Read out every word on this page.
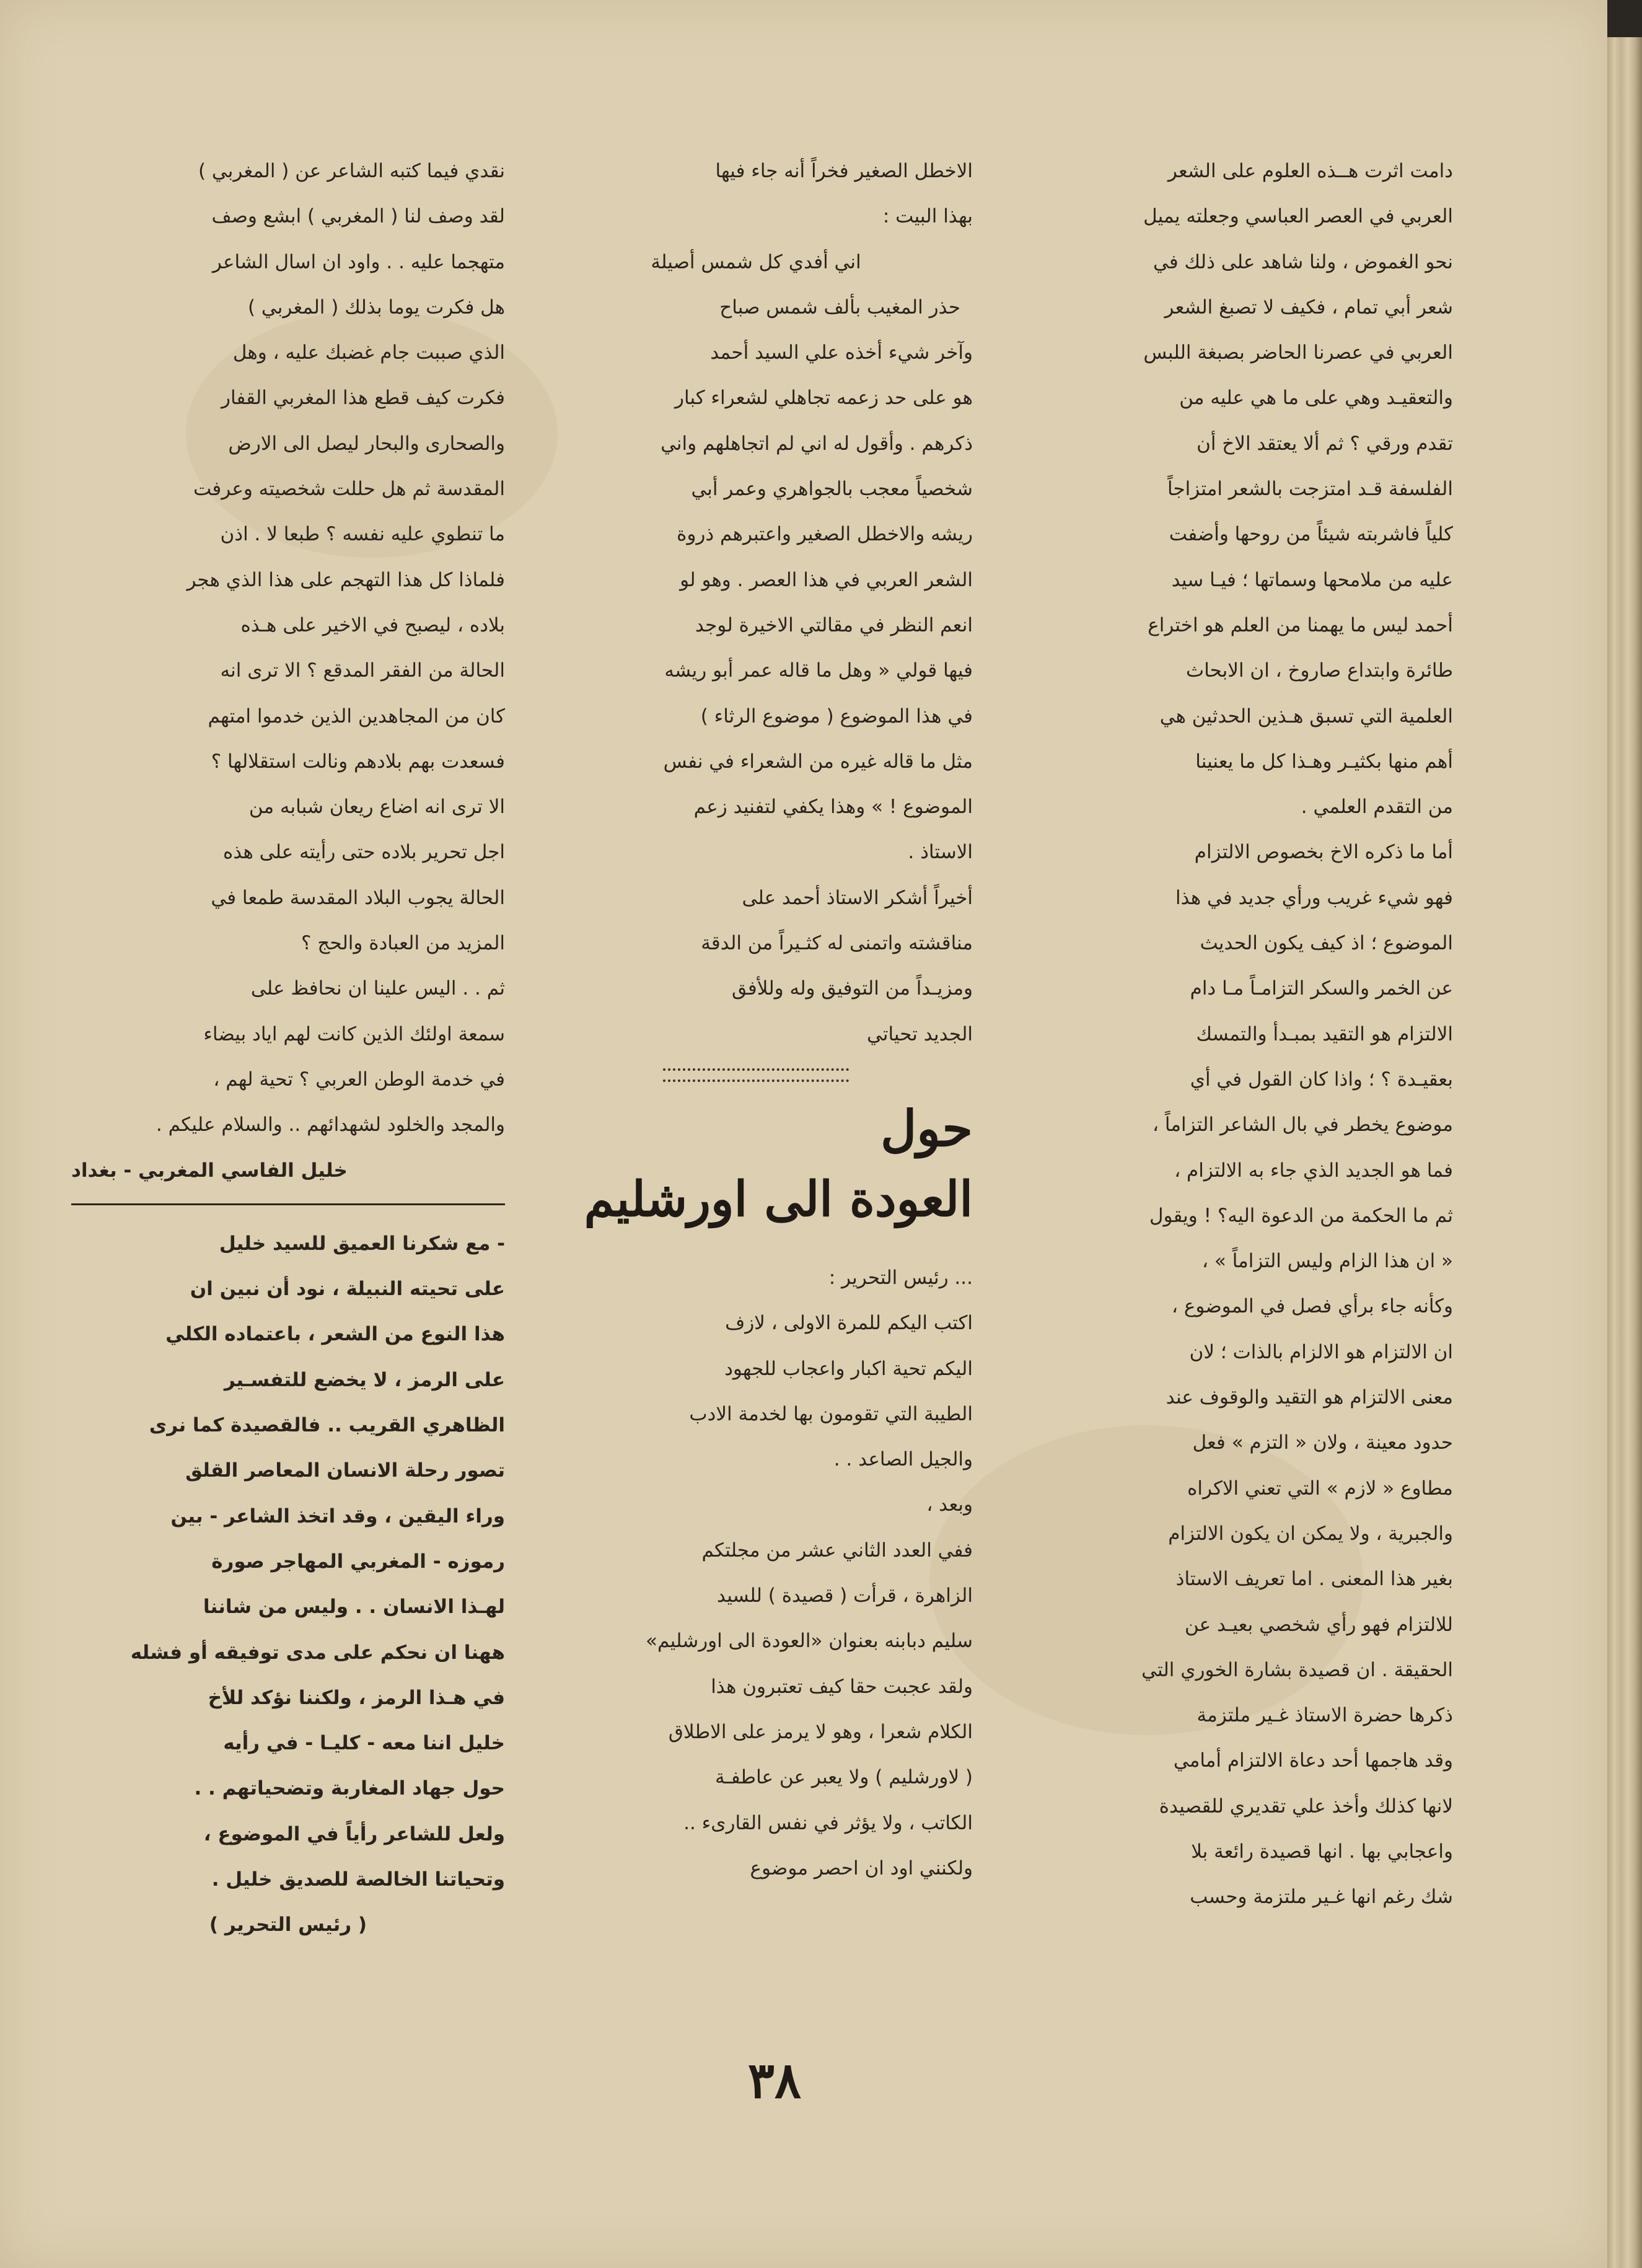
دامت اثرت هــذه العلوم على الشعر
العربي في العصر العباسي وجعلته يميل
نحو الغموض ، ولنا شاهد على ذلك في
شعر أبي تمام ، فكيف لا تصبغ الشعر
العربي في عصرنا الحاضر بصبغة اللبس
والتعقيـد وهي على ما هي عليه من
تقدم ورقي ؟ ثم ألا يعتقد الاخ أن
الفلسفة قـد امتزجت بالشعر امتزاجاً
كلياً فاشربته شيئاً من روحها وأضفت
عليه من ملامحها وسماتها ؛ فيـا سيد
أحمد ليس ما يهمنا من العلم هو اختراع
طائرة وابتداع صاروخ ، ان الابحاث
العلمية التي تسبق هـذين الحدثين هي
أهم منها بكثيـر وهـذا كل ما يعنينا
من التقدم العلمي .

أما ما ذكره الاخ بخصوص الالتزام
فهو شيء غريب ورأي جديد في هذا
الموضوع ؛ اذ كيف يكون الحديث
عن الخمر والسكر التزامـاً مـا دام
الالتزام هو التقيد بمبـدأ والتمسك
بعقيـدة ؟ ؛ واذا كان القول في أي
موضوع يخطر في بال الشاعر التزاماً ،
فما هو الجديد الذي جاء به الالتزام ،
ثم ما الحكمة من الدعوة اليه؟ ! ويقول
« ان هذا الزام وليس التزاماً » ،
وكأنه جاء برأي فصل في الموضوع ،
ان الالتزام هو الالزام بالذات ؛ لان
معنى الالتزام هو التقيد والوقوف عند
حدود معينة ، ولان « التزم » فعل
مطاوع « لازم » التي تعني الاكراه
والجبرية ، ولا يمكن ان يكون الالتزام
بغير هذا المعنى . اما تعريف الاستاذ
للالتزام فهو رأي شخصي بعيـد عن
الحقيقة . ان قصيدة بشارة الخوري التي
ذكرها حضرة الاستاذ غـير ملتزمة
وقد هاجمها أحد دعاة الالتزام أمامي
لانها كذلك وأخذ علي تقديري للقصيدة
واعجابي بها . انها قصيدة رائعة بلا
شك رغم انها غـير ملتزمة وحسب

الاخطل الصغير فخراً أنه جاء فيها
بهذا البيت :

اني أفدي كل شمس أصيلة

حذر المغيب بألف شمس صباح

وآخر شيء أخذه علي السيد أحمد
هو على حد زعمه تجاهلي لشعراء كبار
ذكرهم . وأقول له اني لم اتجاهلهم واني
شخصياً معجب بالجواهري وعمر أبي
ريشه والاخطل الصغير واعتبرهم ذروة
الشعر العربي في هذا العصر . وهو لو
انعم النظر في مقالتي الاخيرة لوجد
فيها قولي « وهل ما قاله عمر أبو ريشه
في هذا الموضوع ( موضوع الرثاء )
مثل ما قاله غيره من الشعراء في نفس
الموضوع ! » وهذا يكفي لتفنيد زعم
الاستاذ .

أخيراً أشكر الاستاذ أحمد على
مناقشته واتمنى له كثـيراً من الدقة
ومزيـداً من التوفيق وله وللأفق
الجديد تحياتي

حول
العودة الى اورشليم

... رئيس التحرير :
اكتب اليكم للمرة الاولى ، لازف
اليكم تحية اكبار واعجاب للجهود
الطيبة التي تقومون بها لخدمة الادب
والجيل الصاعد . .

وبعد ،
ففي العدد الثاني عشر من مجلتكم
الزاهرة ، قرأت ( قصيدة ) للسيد
سليم دبابنه بعنوان «العودة الى اورشليم»
ولقد عجبت حقا كيف تعتبرون هذا
الكلام شعرا ، وهو لا يرمز على الاطلاق
( لاورشليم ) ولا يعبر عن عاطفـة
الكاتب ، ولا يؤثر في نفس القارىء ..
ولكنني اود ان احصر موضوع

نقدي فيما كتبه الشاعر عن ( المغربي )
لقد وصف لنا ( المغربي ) ابشع وصف
متهجما عليه . . واود ان اسال الشاعر
هل فكرت يوما بذلك ( المغربي )
الذي صببت جام غضبك عليه ، وهل
فكرت كيف قطع هذا المغربي القفار
والصحارى والبحار ليصل الى الارض
المقدسة ثم هل حللت شخصيته وعرفت
ما تنطوي عليه نفسه ؟ طبعا لا . اذن
فلماذا كل هذا التهجم على هذا الذي هجر
بلاده ، ليصبح في الاخير على هـذه
الحالة من الفقر المدقع ؟ الا ترى انه
كان من المجاهدين الذين خدموا امتهم
فسعدت بهم بلادهم ونالت استقلالها ؟
الا ترى انه اضاع ريعان شبابه من
اجل تحرير بلاده حتى رأيته على هذه
الحالة يجوب البلاد المقدسة طمعا في
المزيد من العبادة والحج ؟

ثم . . اليس علينا ان نحافظ على
سمعة اولئك الذين كانت لهم اياد بيضاء
في خدمة الوطن العربي ؟ تحية لهم ،
والمجد والخلود لشهدائهم .. والسلام عليكم .

خليل الفاسي المغربي - بغداد

- مع شكرنا العميق للسيد خليل
على تحيته النبيلة ، نود أن نبين ان
هذا النوع من الشعر ، باعتماده الكلي
على الرمز ، لا يخضع للتفسـير
الظاهري القريب .. فالقصيدة كما نرى
تصور رحلة الانسان المعاصر القلق
وراء اليقين ، وقد اتخذ الشاعر - بين
رموزه - المغربي المهاجر صورة
لهـذا الانسان . . وليس من شاننا
ههنا ان نحكم على مدى توفيقه أو فشله
في هـذا الرمز ، ولكننا نؤكد للأخ
خليل اننا معه - كليـا - في رأيه
حول جهاد المغاربة وتضحياتهم . .
ولعل للشاعر رأياً في الموضوع ،
وتحياتنا الخالصة للصديق خليل .

( رئيس التحرير )

٣٨
